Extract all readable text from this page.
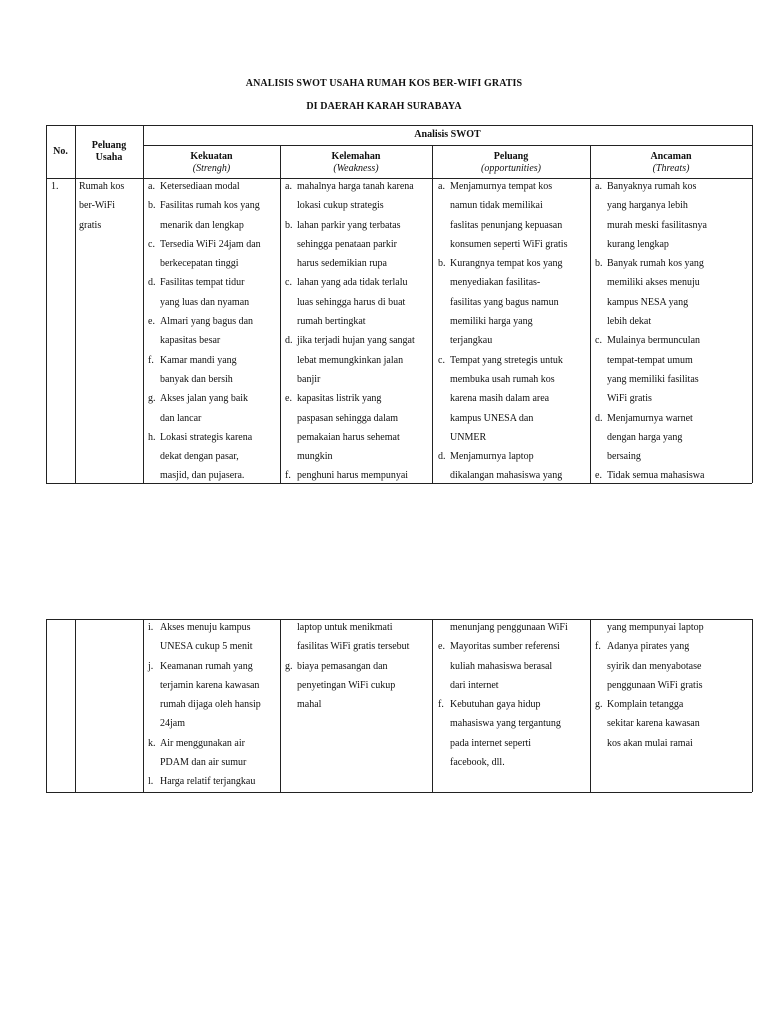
ANALISIS SWOT USAHA RUMAH KOS BER-WIFI GRATIS
DI DAERAH KARAH SURABAYA
No.
Peluang
Usaha
Analisis SWOT
Kekuatan
(Strengh)
Kelemahan
(Weakness)
Peluang
(opportunities)
Ancaman
(Threats)
1.	Rumah kos
ber-WiFi
gratis
a. Ketersediaan modal
b. Fasilitas rumah kos yang
menarik dan lengkap
c. Tersedia WiFi 24jam dan
berkecepatan tinggi
d. Fasilitas tempat tidur
yang luas dan nyaman
e. Almari yang bagus dan
kapasitas besar
f. Kamar mandi yang
banyak dan bersih
g. Akses jalan yang baik
dan lancar
h. Lokasi strategis karena
dekat dengan pasar,
masjid, dan pujasera.
a. mahalnya harga tanah karena
lokasi cukup strategis
b. lahan parkir yang terbatas
sehingga penataan parkir
harus sedemikian rupa
c. lahan yang ada tidak terlalu
luas sehingga harus di buat
rumah bertingkat
d. jika terjadi hujan yang sangat
lebat memungkinkan jalan
banjir
e. kapasitas listrik yang
paspasan sehingga dalam
pemakaian harus sehemat
mungkin
f. penghuni harus mempunyai
a. Menjamurnya tempat kos
namun tidak memilikai
faslitas penunjang kepuasan
konsumen seperti WiFi gratis
b. Kurangnya tempat kos yang
menyediakan fasilitas-
fasilitas yang bagus namun
memiliki harga yang
terjangkau
c. Tempat yang stretegis untuk
membuka usah rumah kos
karena masih dalam area
kampus UNESA dan
UNMER
d. Menjamurnya laptop
dikalangan mahasiswa yang
a. Banyaknya rumah kos
yang harganya lebih
murah meski fasilitasnya
kurang lengkap
b. Banyak rumah kos yang
memiliki akses menuju
kampus NESA yang
lebih dekat
c. Mulainya bermunculan
tempat-tempat umum
yang memiliki fasilitas
WiFi gratis
d. Menjamurnya warnet
dengan harga yang
bersaing
e. Tidak semua mahasiswa
i. Akses menuju kampus
UNESA cukup 5 menit
j. Keamanan rumah yang
terjamin karena kawasan
rumah dijaga oleh hansip
24jam
k. Air menggunakan air
PDAM dan air sumur
l. Harga relatif terjangkau
laptop untuk menikmati
fasilitas WiFi gratis tersebut
g. biaya pemasangan dan
penyetingan WiFi cukup
mahal
menunjang penggunaan WiFi
e. Mayoritas sumber referensi
kuliah mahasiswa berasal
dari internet
f. Kebutuhan gaya hidup
mahasiswa yang tergantung
pada internet seperti
facebook, dll.
yang mempunyai laptop
f. Adanya pirates yang
syirik dan menyabotase
penggunaan WiFi gratis
g. Komplain tetangga
sekitar karena kawasan
kos akan mulai ramai
